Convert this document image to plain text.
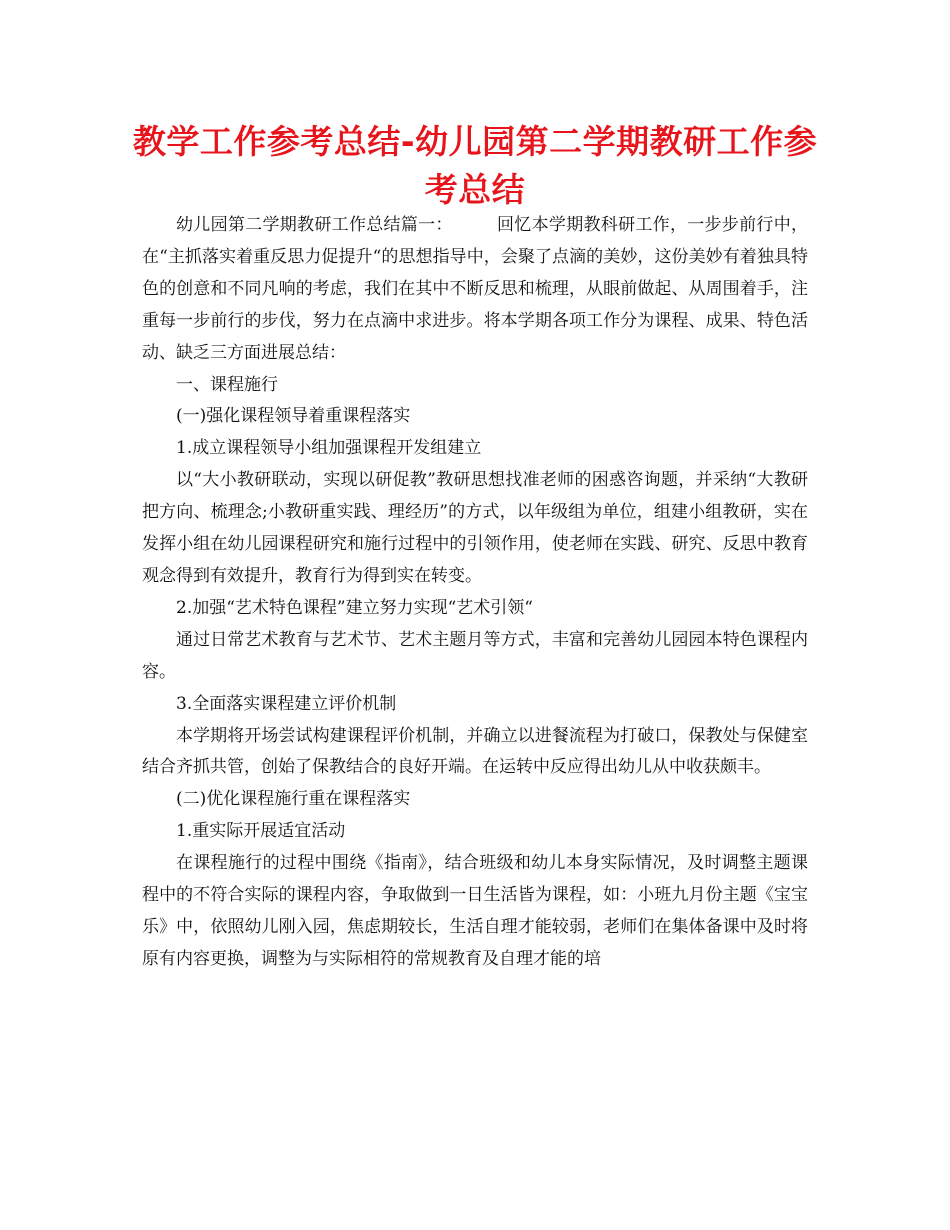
教学工作参考总结-幼儿园第二学期教研工作参考总结

幼儿园第二学期教研工作总结篇一：	回忆本学期教科研工作，一步步前行中，在“主抓落实着重反思力促提升“的思想指导中，会聚了点滴的美妙，这份美妙有着独具特色的创意和不同凡响的考虑，我们在其中不断反思和梳理，从眼前做起、从周围着手，注重每一步前行的步伐，努力在点滴中求进步。将本学期各项工作分为课程、成果、特色活动、缺乏三方面进展总结：

一、课程施行

(一)强化课程领导着重课程落实

1.成立课程领导小组加强课程开发组建立

以“大小教研联动，实现以研促教”教研思想找准老师的困惑咨询题，并采纳“大教研把方向、梳理念;小教研重实践、理经历”的方式，以年级组为单位，组建小组教研，实在发挥小组在幼儿园课程研究和施行过程中的引领作用，使老师在实践、研究、反思中教育观念得到有效提升，教育行为得到实在转变。

2.加强“艺术特色课程”建立努力实现“艺术引领“

通过日常艺术教育与艺术节、艺术主题月等方式，丰富和完善幼儿园园本特色课程内容。

3.全面落实课程建立评价机制

本学期将开场尝试构建课程评价机制，并确立以进餐流程为打破口，保教处与保健室结合齐抓共管，创始了保教结合的良好开端。在运转中反应得出幼儿从中收获颇丰。

(二)优化课程施行重在课程落实

1.重实际开展适宜活动

在课程施行的过程中围绕《指南》，结合班级和幼儿本身实际情况，及时调整主题课程中的不符合实际的课程内容，争取做到一日生活皆为课程，如：小班九月份主题《宝宝乐》中，依照幼儿刚入园，焦虑期较长，生活自理才能较弱，老师们在集体备课中及时将原有内容更换，调整为与实际相符的常规教育及自理才能的培
